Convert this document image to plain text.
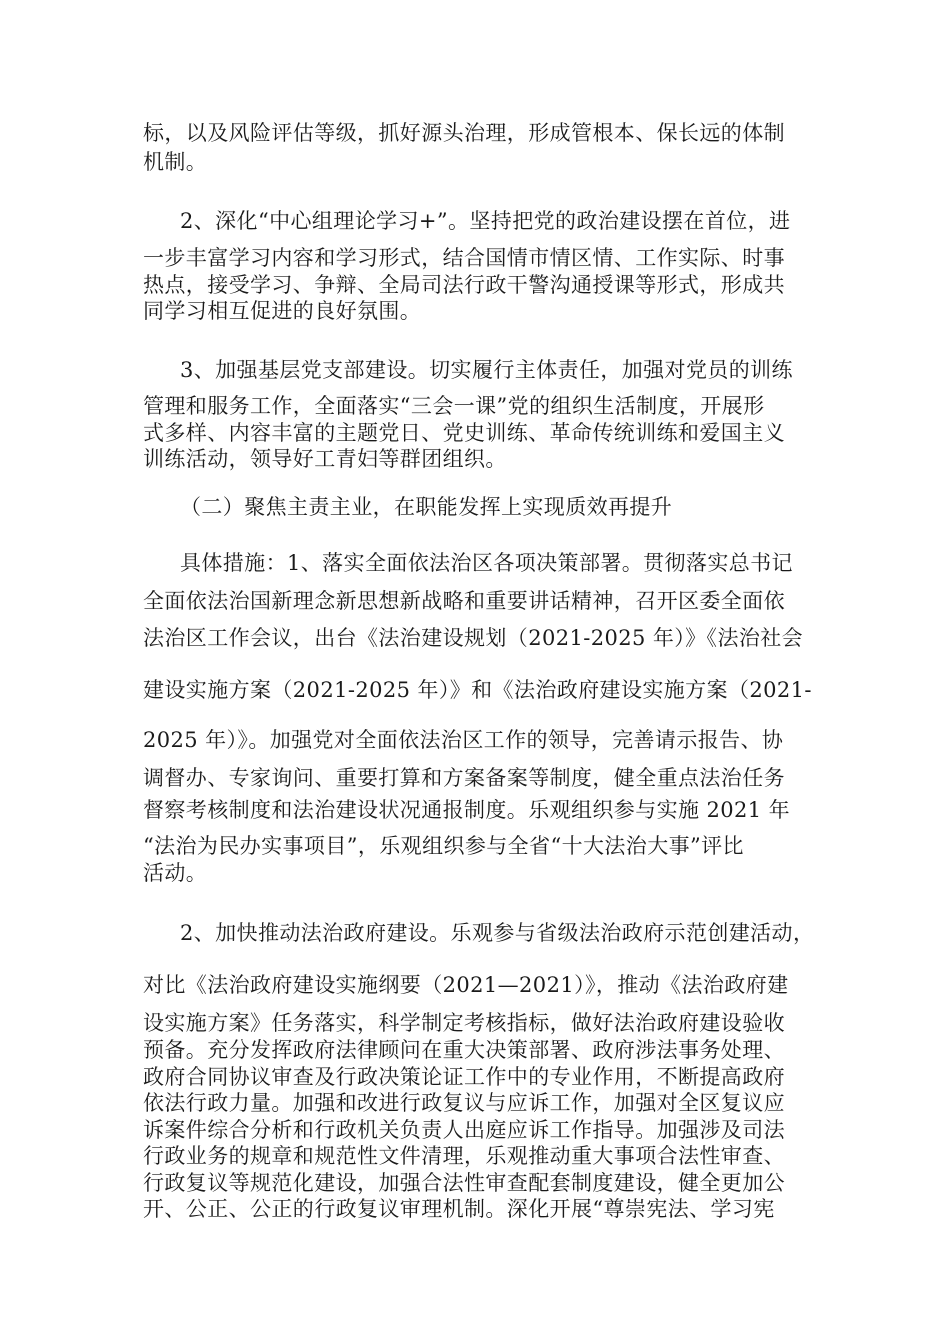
标，以及风险评估等级，抓好源头治理，形成管根本、保长远的体制
机制。
2、深化“中心组理论学习+”。坚持把党的政治建设摆在首位，进
一步丰富学习内容和学习形式，结合国情市情区情、工作实际、时事
热点，接受学习、争辩、全局司法行政干警沟通授课等形式，形成共
同学习相互促进的良好氛围。
3、加强基层党支部建设。切实履行主体责任，加强对党员的训练
管理和服务工作，全面落实“三会一课”党的组织生活制度，开展形
式多样、内容丰富的主题党日、党史训练、革命传统训练和爱国主义
训练活动，领导好工青妇等群团组织。
（二）聚焦主责主业，在职能发挥上实现质效再提升
具体措施：1、落实全面依法治区各项决策部署。贯彻落实总书记
全面依法治国新理念新思想新战略和重要讲话精神，召开区委全面依
法治区工作会议，出台《法治建设规划（2021-2025 年）》《法治社会
建设实施方案（2021-2025 年）》和《法治政府建设实施方案（2021-
2025 年）》。加强党对全面依法治区工作的领导，完善请示报告、协
调督办、专家询问、重要打算和方案备案等制度，健全重点法治任务
督察考核制度和法治建设状况通报制度。乐观组织参与实施 2021 年
“法治为民办实事项目”，乐观组织参与全省“十大法治大事”评比
活动。
2、加快推动法治政府建设。乐观参与省级法治政府示范创建活动，
对比《法治政府建设实施纲要（2021—2021）》，推动《法治政府建
设实施方案》任务落实，科学制定考核指标，做好法治政府建设验收
预备。充分发挥政府法律顾问在重大决策部署、政府涉法事务处理、
政府合同协议审查及行政决策论证工作中的专业作用，不断提高政府
依法行政力量。加强和改进行政复议与应诉工作，加强对全区复议应
诉案件综合分析和行政机关负责人出庭应诉工作指导。加强涉及司法
行政业务的规章和规范性文件清理，乐观推动重大事项合法性审查、
行政复议等规范化建设，加强合法性审查配套制度建设，健全更加公
开、公正、公正的行政复议审理机制。深化开展“尊崇宪法、学习宪
